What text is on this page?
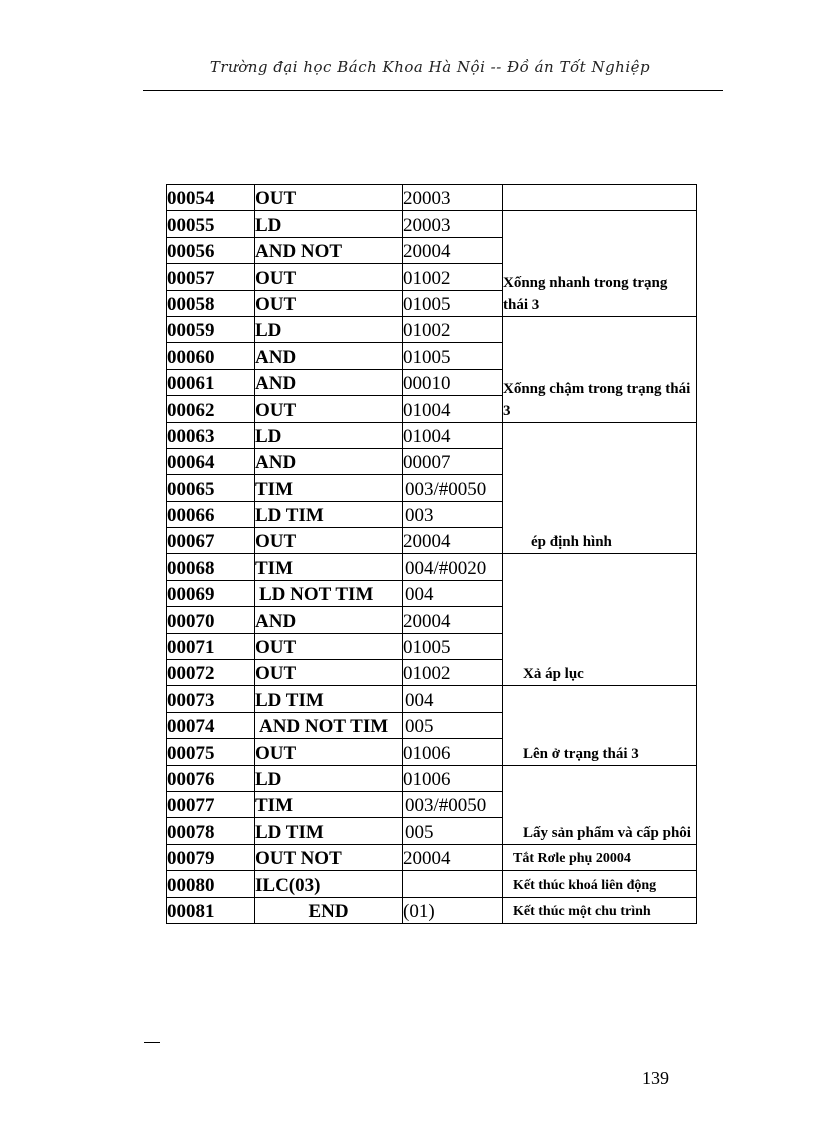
Trường đại học Bách Khoa Hà Nội -- Đồ án Tốt Nghiệp
00054	OUT	20003	
00055	LD	20003	Xốnng nhanh trong trạng thái 3
00056	AND NOT	20004	
00057	OUT	01002	
00058	OUT	01005	
00059	LD	01002	Xốnng chậm trong trạng thái 3
00060	AND	01005	
00061	AND	00010	
00062	OUT	01004	
00063	LD	01004	ép định hình
00064	AND	00007	
00065	TIM	003/#0050	
00066	LD TIM	003	
00067	OUT	20004	
00068	TIM	004/#0020	Xả áp lục
00069	LD NOT TIM	004	
00070	AND	20004	
00071	OUT	01005	
00072	OUT	01002	
00073	LD TIM	004	Lên ở trạng thái 3
00074	AND NOT TIM	005	
00075	OUT	01006	
00076	LD	01006	Lấy sản phẩm và cấp phôi
00077	TIM	003/#0050	
00078	LD TIM	005	
00079	OUT NOT	20004	Tắt Rơle phụ 20004
00080	ILC(03)		Kết thúc khoá liên động
00081	END	(01)	Kết thúc một chu trình
139
